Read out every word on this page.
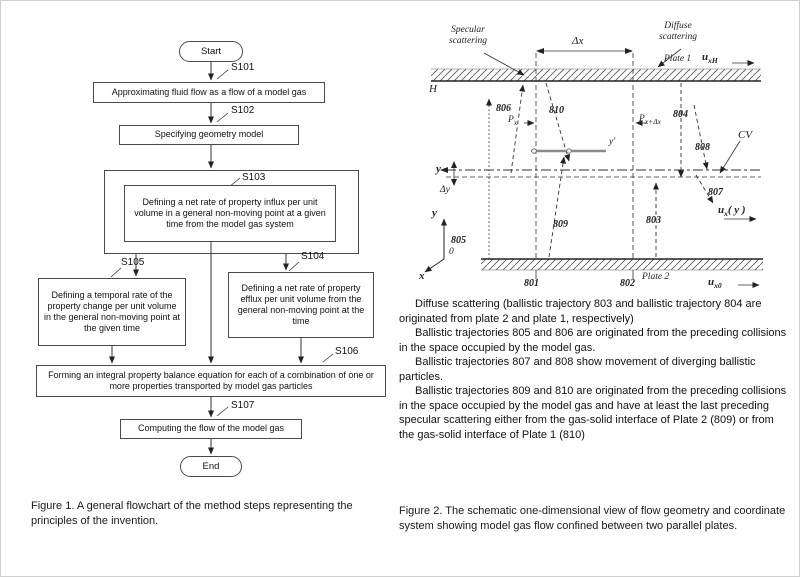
Start
S101
Approximating fluid flow as a flow of a model gas
S102
Specifying geometry model
S103
Defining a net rate of property influx per unit volume in a general non-moving point at a given time from the model gas system
S105
Defining a temporal rate of the property change per unit volume in the general non-moving point at the given time
S104
Defining a net rate of property efflux per unit volume from the general non-moving point at the time
S106
Forming an integral property balance equation for each of a combination of one or more properties transported by model gas particles
S107
Computing the flow of the model gas
End
Figure 1. A general flowchart of the method steps representing the principles of the invention.
Specular scattering
Diffuse scattering
Δx
Plate 1 $u_{xH}$
H
806
$P_x$
810
$P_{x+\Delta x}$
804
808
CV
y′
y
Δy	807
$u_x$( y )
809	803
805
y
0
x	Plate 2
801	802	$u_{x0}$

Diffuse scattering (ballistic trajectory 803 and ballistic trajectory 804 are originated from plate 2 and plate 1, respectively)

Ballistic trajectories 805 and 806 are originated from the preceding collisions in the space occupied by the model gas.

Ballistic trajectories 807 and 808 show movement of diverging ballistic particles.

Ballistic trajectories 809 and 810 are originated from the preceding collisions in the space occupied by the model gas and have at least the last preceding specular scattering either from the gas-solid interface of Plate 2 (809) or from the gas-solid interface of Plate 1 (810)

Figure 2. The schematic one-dimensional view of flow geometry and coordinate system showing model gas flow confined between two parallel plates.
